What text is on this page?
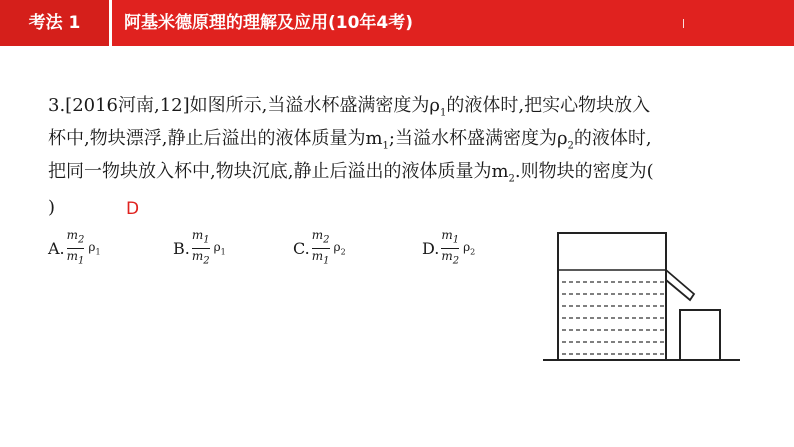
考法 1	阿基米德原理的理解及应用(10年4考)
3.[2016河南,12]如图所示,当溢水杯盛满密度为$\rho_1$的液体时,把实心物块放入
杯中,物块漂浮,静止后溢出的液体质量为$m_1$;当溢水杯盛满密度为$\rho_2$的液体时,
把同一物块放入杯中,物块沉底,静止后溢出的液体质量为$m_2$.则物块的密度为(
)	D
A. $\frac{m_2}{m_1} \rho_1$	B. $\frac{m_1}{m_2} \rho_1$	C. $\frac{m_2}{m_1} \rho_2$	D. $\frac{m_1}{m_2} \rho_2$
